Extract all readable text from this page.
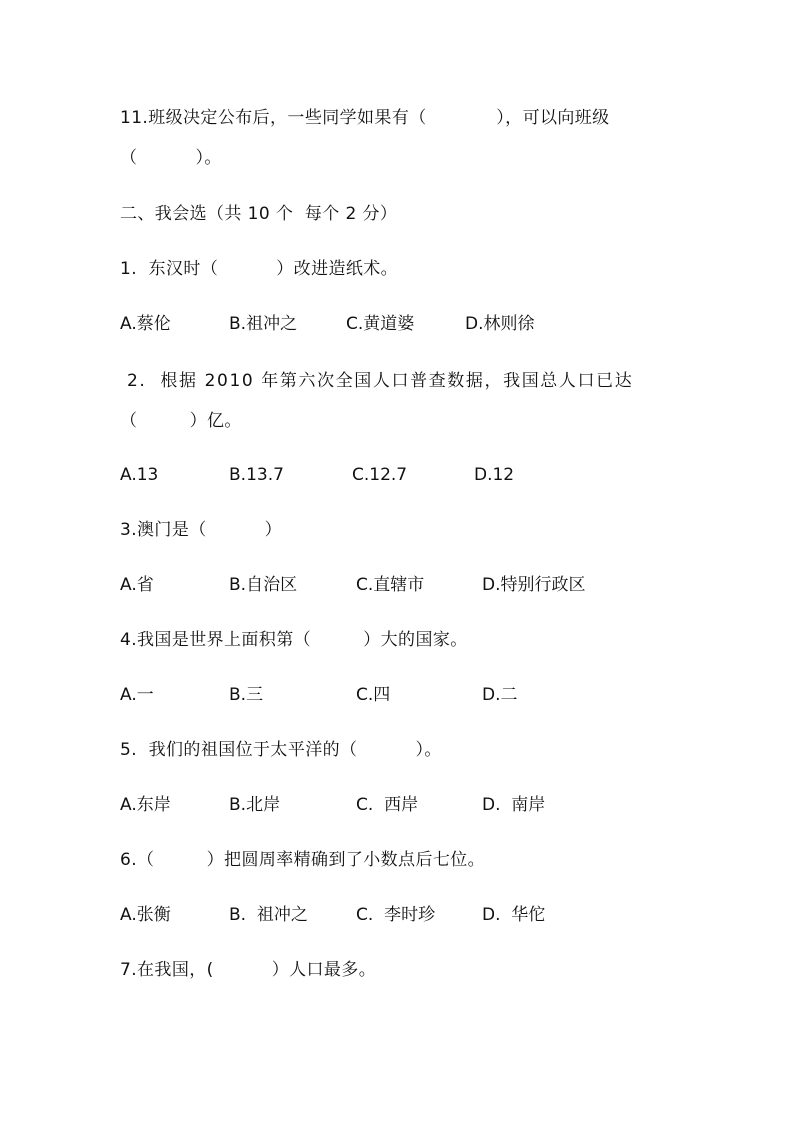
11.班级决定公布后，一些同学如果有（            ），可以向班级
（          ）。
二、我会选（共 10 个  每个 2 分）
1.  东汉时（          ）改进造纸术。
A.蔡伦	B.祖冲之	C.黄道婆	D.林则徐
2.  根据 2010 年第六次全国人口普查数据，我国总人口已达
（         ）亿。
A.13	B.13.7	C.12.7	D.12
3.澳门是（          ）
A.省	B.自治区	C.直辖市	D.特别行政区
4.我国是世界上面积第（         ）大的国家。
A.一	B.三	C.四	D.二
5.  我们的祖国位于太平洋的（          ）。
A.东岸	B.北岸	C.  西岸	D.  南岸
6.（         ）把圆周率精确到了小数点后七位。
A.张衡	B.  祖冲之	C.  李时珍	D.  华佗
7.在我国，(          ）人口最多。
